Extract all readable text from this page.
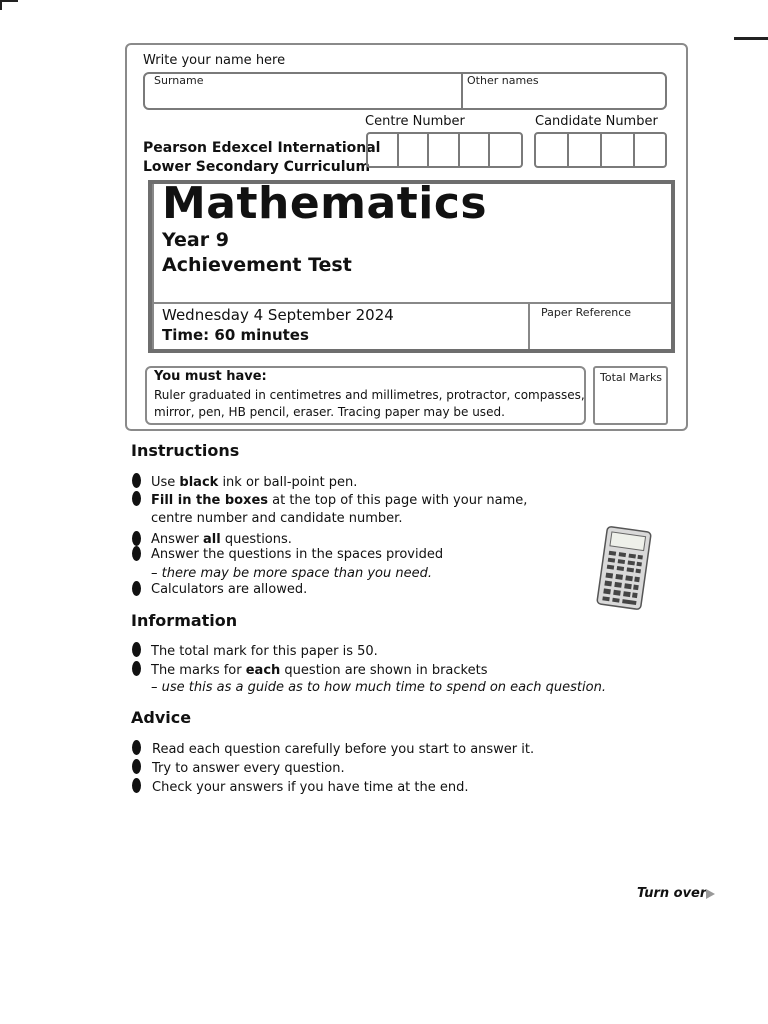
Write your name here
Surname	Other names
Centre Number	Candidate Number
Pearson Edexcel International
Lower Secondary Curriculum
Mathematics
Year 9
Achievement Test
Wednesday 4 September 2024
Time: 60 minutes
Paper Reference
You must have:
Ruler graduated in centimetres and millimetres, protractor, compasses,
mirror, pen, HB pencil, eraser. Tracing paper may be used.
Total Marks
Instructions
Use black ink or ball-point pen.
Fill in the boxes at the top of this page with your name,
centre number and candidate number.
Answer all questions.
Answer the questions in the spaces provided
– there may be more space than you need.
Calculators are allowed.
Information
The total mark for this paper is 50.
The marks for each question are shown in brackets
– use this as a guide as to how much time to spend on each question.
Advice
Read each question carefully before you start to answer it.
Try to answer every question.
Check your answers if you have time at the end.
Turn over
